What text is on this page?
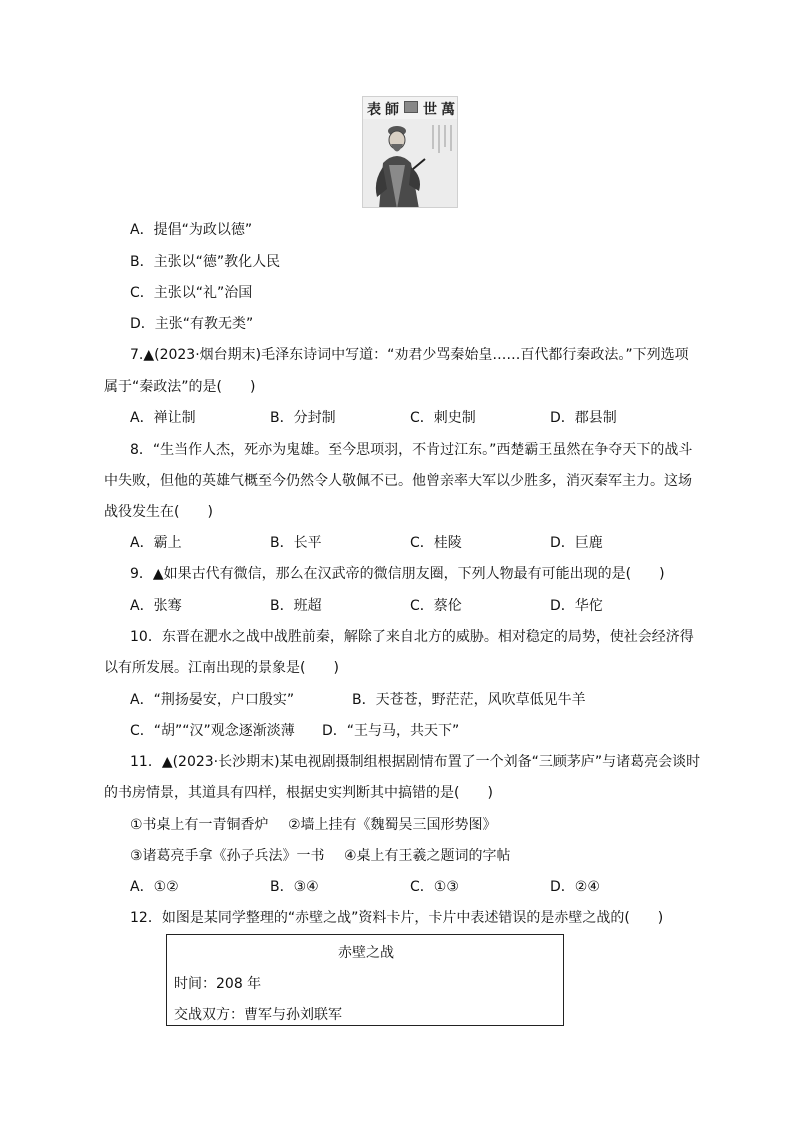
表 師 世 萬
A．提倡“为政以德”
B．主张以“德”教化人民
C．主张以“礼”治国
D．主张“有教无类”
7.▲(2023·烟台期末)毛泽东诗词中写道：“劝君少骂秦始皇……百代都行秦政法。”下列选项
属于“秦政法”的是(　　)
A．禅让制	B．分封制	C．刺史制	D．郡县制
8．“生当作人杰，死亦为鬼雄。至今思项羽，不肯过江东。”西楚霸王虽然在争夺天下的战斗
中失败，但他的英雄气概至今仍然令人敬佩不已。他曾亲率大军以少胜多，消灭秦军主力。这场
战役发生在(　　)
A．霸上	B．长平	C．桂陵	D．巨鹿
9．▲如果古代有微信，那么在汉武帝的微信朋友圈，下列人物最有可能出现的是(　　)
A．张骞	B．班超	C．蔡伦	D．华佗
10．东晋在淝水之战中战胜前秦，解除了来自北方的威胁。相对稳定的局势，使社会经济得
以有所发展。江南出现的景象是(　　)
A．“荆扬晏安，户口殷实”	B．天苍苍，野茫茫，风吹草低见牛羊
C．“胡”“汉”观念逐渐淡薄 D．“王与马，共天下”
11．▲(2023·长沙期末)某电视剧摄制组根据剧情布置了一个刘备“三顾茅庐”与诸葛亮会谈时
的书房情景，其道具有四样，根据史实判断其中搞错的是(　　)
①书桌上有一青铜香炉 ②墙上挂有《魏蜀吴三国形势图》
③诸葛亮手拿《孙子兵法》一书 ④桌上有王羲之题词的字帖
A．①②	B．③④	C．①③	D．②④
12．如图是某同学整理的“赤壁之战”资料卡片，卡片中表述错误的是赤壁之战的(　　)
赤壁之战
时间：208 年
交战双方：曹军与孙刘联军
